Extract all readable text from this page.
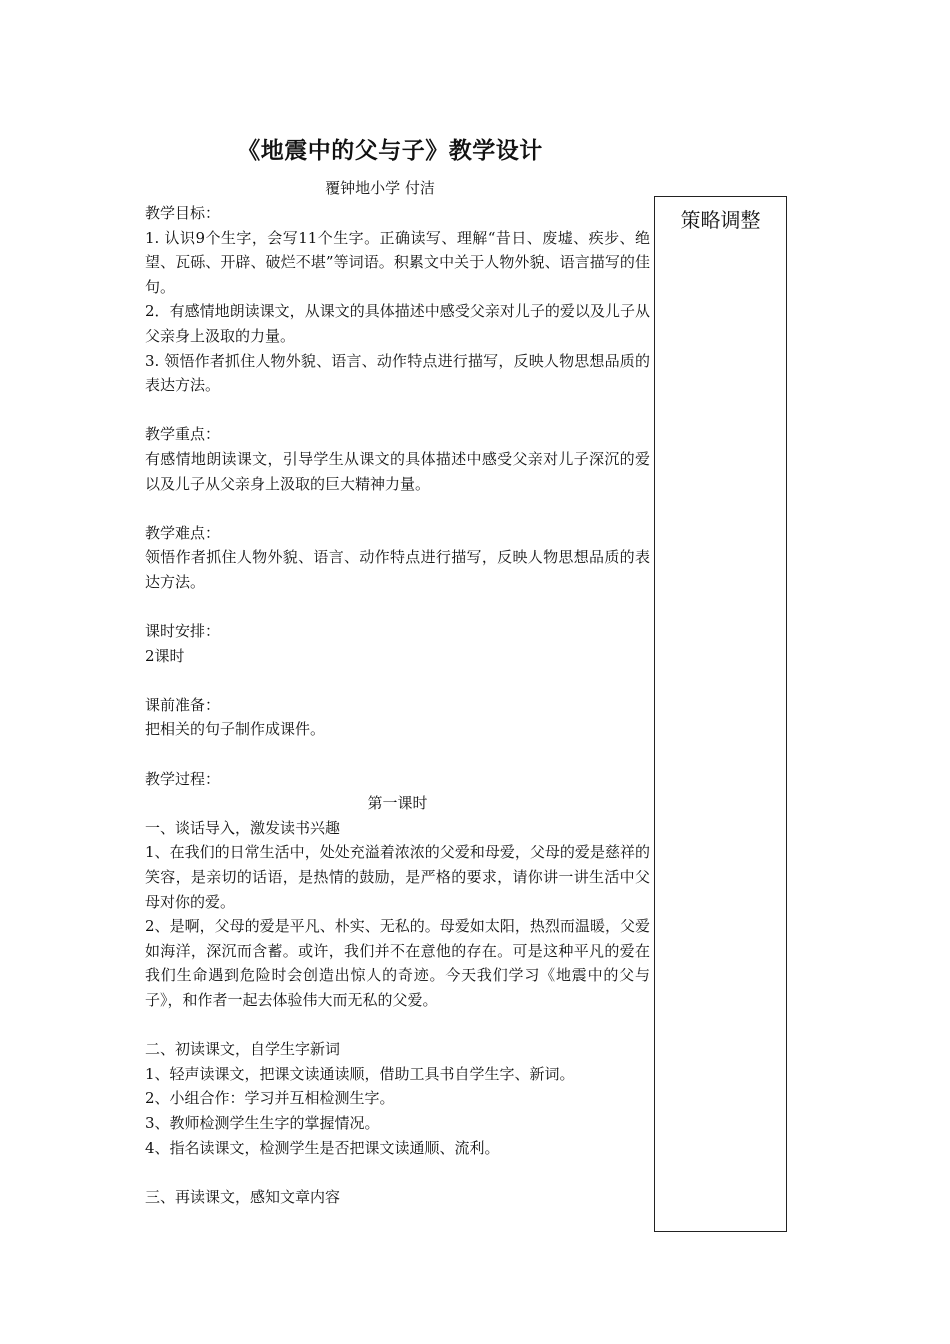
《地震中的父与子》教学设计
覆钟地小学 付洁
策略调整

教学目标：

1. 认识9个生字，会写11个生字。正确读写、理解“昔日、废墟、疾步、绝望、瓦砾、开辟、破烂不堪”等词语。积累文中关于人物外貌、语言描写的佳句。

2．有感情地朗读课文，从课文的具体描述中感受父亲对儿子的爱以及儿子从父亲身上汲取的力量。

3. 领悟作者抓住人物外貌、语言、动作特点进行描写，反映人物思想品质的表达方法。

教学重点：

有感情地朗读课文，引导学生从课文的具体描述中感受父亲对儿子深沉的爱以及儿子从父亲身上汲取的巨大精神力量。

教学难点：

领悟作者抓住人物外貌、语言、动作特点进行描写，反映人物思想品质的表达方法。

课时安排：

2课时

课前准备：

把相关的句子制作成课件。

教学过程：

第一课时

一、谈话导入，激发读书兴趣

1、在我们的日常生活中，处处充溢着浓浓的父爱和母爱，父母的爱是慈祥的笑容，是亲切的话语，是热情的鼓励，是严格的要求，请你讲一讲生活中父母对你的爱。

2、是啊，父母的爱是平凡、朴实、无私的。母爱如太阳，热烈而温暖，父爱如海洋，深沉而含蓄。或许，我们并不在意他的存在。可是这种平凡的爱在我们生命遇到危险时会创造出惊人的奇迹。今天我们学习《地震中的父与子》，和作者一起去体验伟大而无私的父爱。

二、初读课文，自学生字新词

1、轻声读课文，把课文读通读顺，借助工具书自学生字、新词。

2、小组合作：学习并互相检测生字。

3、教师检测学生生字的掌握情况。

4、指名读课文，检测学生是否把课文读通顺、流利。

三、再读课文，感知文章内容
